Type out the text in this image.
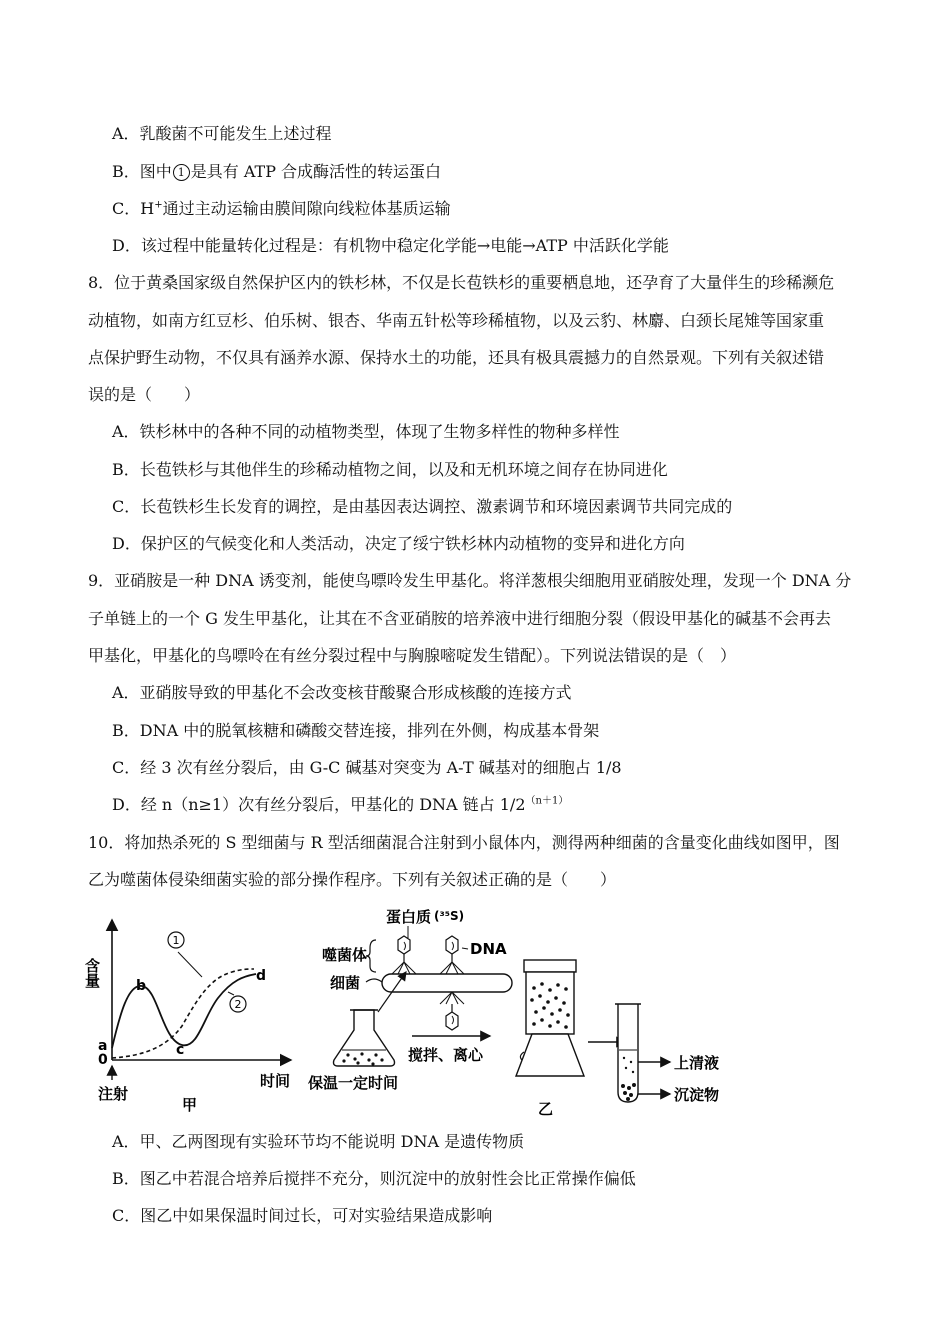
A．乳酸菌不可能发生上述过程
B．图中 1 是具有 ATP 合成酶活性的转运蛋白
C．H+通过主动运输由膜间隙向线粒体基质运输
D．该过程中能量转化过程是：有机物中稳定化学能→电能→ATP 中活跃化学能
8．位于黄桑国家级自然保护区内的铁杉林，不仅是长苞铁杉的重要栖息地，还孕育了大量伴生的珍稀濒危
动植物，如南方红豆杉、伯乐树、银杏、华南五针松等珍稀植物，以及云豹、林麝、白颈长尾雉等国家重
点保护野生动物，不仅具有涵养水源、保持水土的功能，还具有极具震撼力的自然景观。下列有关叙述错
误的是（　　）
A．铁杉林中的各种不同的动植物类型，体现了生物多样性的物种多样性
B．长苞铁杉与其他伴生的珍稀动植物之间，以及和无机环境之间存在协同进化
C．长苞铁杉生长发育的调控，是由基因表达调控、激素调节和环境因素调节共同完成的
D．保护区的气候变化和人类活动，决定了绥宁铁杉林内动植物的变异和进化方向
9．亚硝胺是一种 DNA 诱变剂，能使鸟嘌呤发生甲基化。将洋葱根尖细胞用亚硝胺处理，发现一个 DNA 分
子单链上的一个 G 发生甲基化，让其在不含亚硝胺的培养液中进行细胞分裂（假设甲基化的碱基不会再去
甲基化，甲基化的鸟嘌呤在有丝分裂过程中与胸腺嘧啶发生错配）。下列说法错误的是（　）
A．亚硝胺导致的甲基化不会改变核苷酸聚合形成核酸的连接方式
B．DNA 中的脱氧核糖和磷酸交替连接，排列在外侧，构成基本骨架
C．经 3 次有丝分裂后，由 G-C 碱基对突变为 A-T 碱基对的细胞占 1/8
D．经 n（n≥1）次有丝分裂后，甲基化的 DNA 链占 $1/2^{(n+1)}$
10．将加热杀死的 S 型细菌与 R 型活细菌混合注射到小鼠体内，测得两种细菌的含量变化曲线如图甲，图
乙为噬菌体侵染细菌实验的部分操作程序。下列有关叙述正确的是（　　）
含量
时间
0
a
b
c
d
1
2
注射
甲
蛋白质 (³⁵S)
噬菌体	DNA
细菌
保温一定时间
搅拌、离心	上清液
沉淀物
乙
A．甲、乙两图现有实验环节均不能说明 DNA 是遗传物质
B．图乙中若混合培养后搅拌不充分，则沉淀中的放射性会比正常操作偏低
C．图乙中如果保温时间过长，可对实验结果造成影响
